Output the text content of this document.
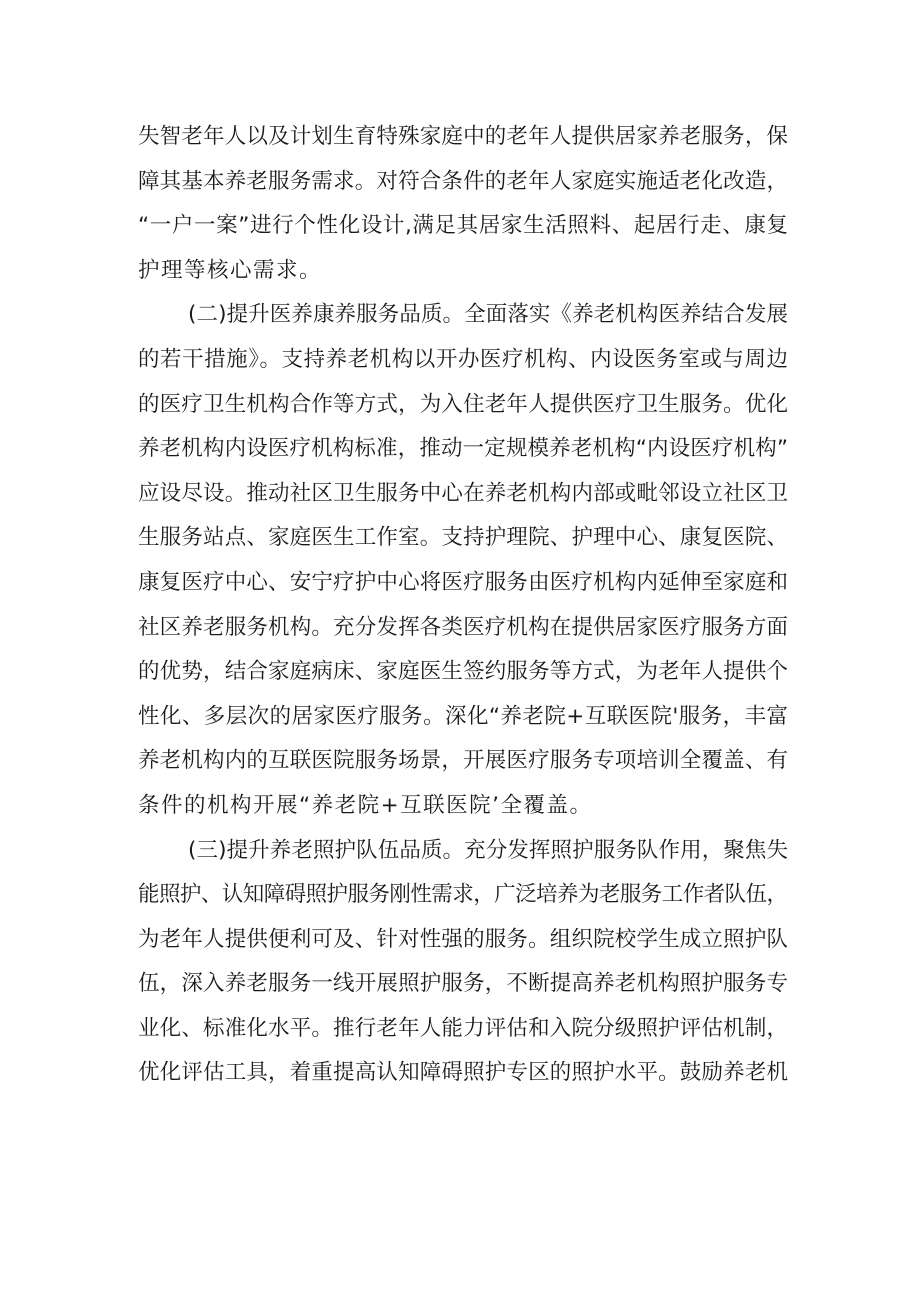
失智老年人以及计划生育特殊家庭中的老年人提供居家养老服务，保
障其基本养老服务需求。对符合条件的老年人家庭实施适老化改造，
“一户一案”进行个性化设计,满足其居家生活照料、起居行走、康复
护理等核心需求。
(二)提升医养康养服务品质。全面落实《养老机构医养结合发展
的若干措施》。支持养老机构以开办医疗机构、内设医务室或与周边
的医疗卫生机构合作等方式，为入住老年人提供医疗卫生服务。优化
养老机构内设医疗机构标准，推动一定规模养老机构“内设医疗机构”
应设尽设。推动社区卫生服务中心在养老机构内部或毗邻设立社区卫
生服务站点、家庭医生工作室。支持护理院、护理中心、康复医院、
康复医疗中心、安宁疗护中心将医疗服务由医疗机构内延伸至家庭和
社区养老服务机构。充分发挥各类医疗机构在提供居家医疗服务方面
的优势，结合家庭病床、家庭医生签约服务等方式，为老年人提供个
性化、多层次的居家医疗服务。深化“养老院+互联医院'服务，丰富
养老机构内的互联医院服务场景，开展医疗服务专项培训全覆盖、有
条件的机构开展“养老院+互联医院’全覆盖。
(三)提升养老照护队伍品质。充分发挥照护服务队作用，聚焦失
能照护、认知障碍照护服务刚性需求，广泛培养为老服务工作者队伍，
为老年人提供便利可及、针对性强的服务。组织院校学生成立照护队
伍，深入养老服务一线开展照护服务，不断提高养老机构照护服务专
业化、标准化水平。推行老年人能力评估和入院分级照护评估机制，
优化评估工具，着重提高认知障碍照护专区的照护水平。鼓励养老机
